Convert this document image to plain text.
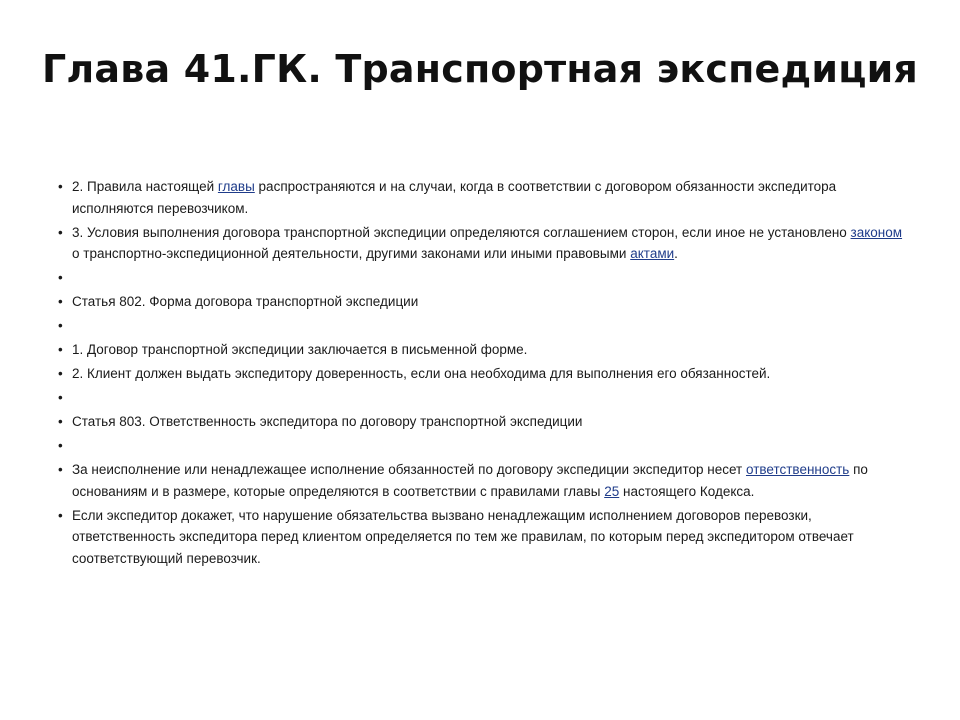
Глава 41.ГК. Транспортная экспедиция
• 2. Правила настоящей главы распространяются и на случаи, когда в соответствии с договором обязанности экспедитора исполняются перевозчиком.
• 3. Условия выполнения договора транспортной экспедиции определяются соглашением сторон, если иное не установлено законом о транспортно-экспедиционной деятельности, другими законами или иными правовыми актами.
•
• Статья 802. Форма договора транспортной экспедиции
•
• 1. Договор транспортной экспедиции заключается в письменной форме.
• 2. Клиент должен выдать экспедитору доверенность, если она необходима для выполнения его обязанностей.
•
• Статья 803. Ответственность экспедитора по договору транспортной экспедиции
•
• За неисполнение или ненадлежащее исполнение обязанностей по договору экспедиции экспедитор несет ответственность по основаниям и в размере, которые определяются в соответствии с правилами главы 25 настоящего Кодекса.
• Если экспедитор докажет, что нарушение обязательства вызвано ненадлежащим исполнением договоров перевозки, ответственность экспедитора перед клиентом определяется по тем же правилам, по которым перед экспедитором отвечает соответствующий перевозчик.
